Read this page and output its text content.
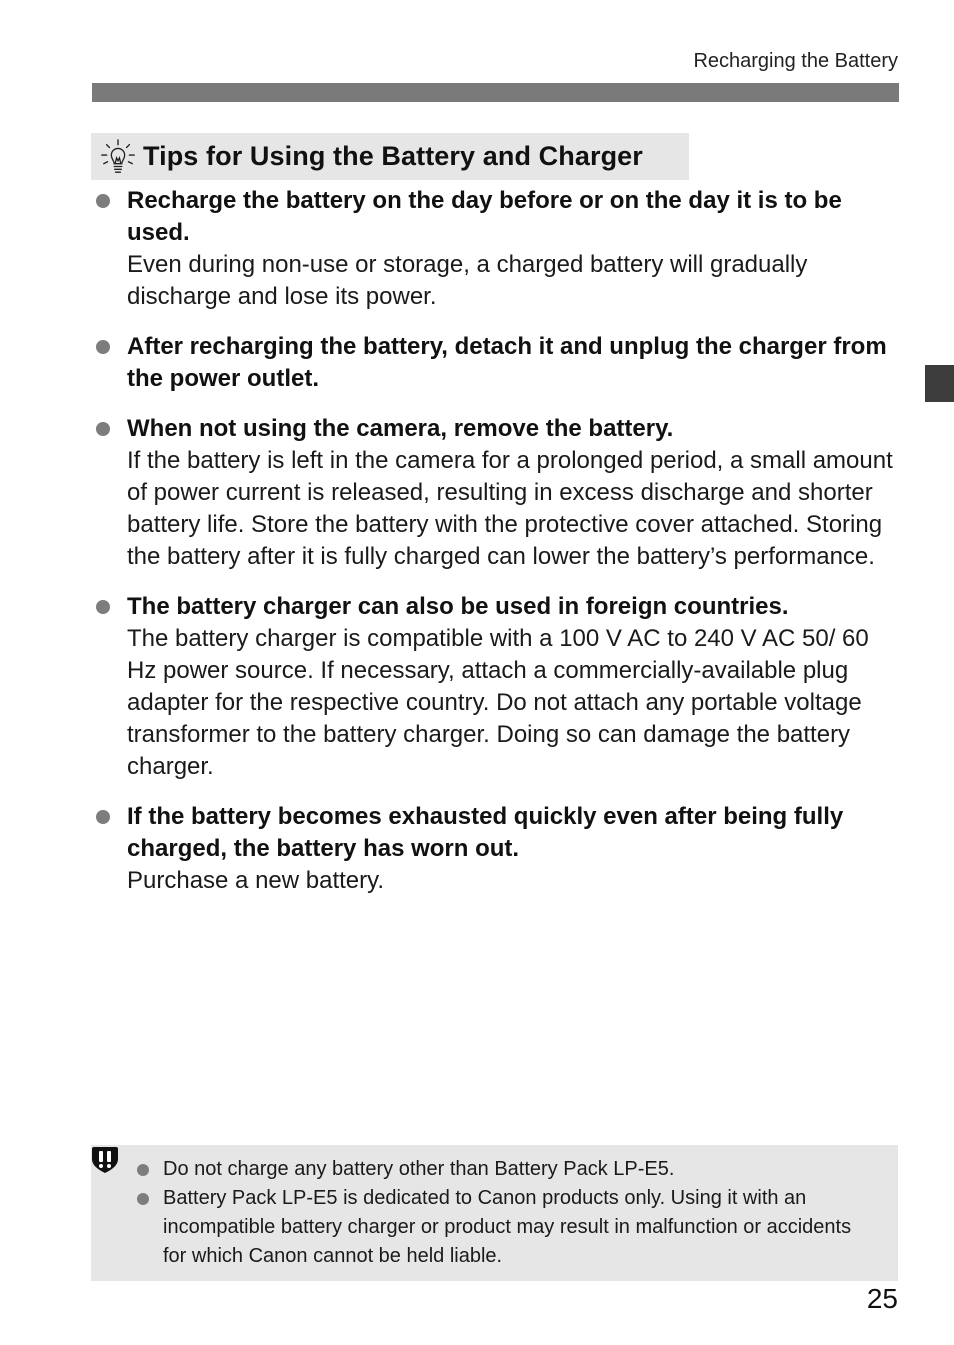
Recharging the Battery
Tips for Using the Battery and Charger
Recharge the battery on the day before or on the day it is to be used.
Even during non-use or storage, a charged battery will gradually discharge and lose its power.
After recharging the battery, detach it and unplug the charger from the power outlet.
When not using the camera, remove the battery.
If the battery is left in the camera for a prolonged period, a small amount of power current is released, resulting in excess discharge and shorter battery life. Store the battery with the protective cover attached. Storing the battery after it is fully charged can lower the battery’s performance.
The battery charger can also be used in foreign countries.
The battery charger is compatible with a 100 V AC to 240 V AC 50/ 60 Hz power source. If necessary, attach a commercially-available plug adapter for the respective country. Do not attach any portable voltage transformer to the battery charger. Doing so can damage the battery charger.
If the battery becomes exhausted quickly even after being fully charged, the battery has worn out.
Purchase a new battery.
Do not charge any battery other than Battery Pack LP-E5.
Battery Pack LP-E5 is dedicated to Canon products only. Using it with an incompatible battery charger or product may result in malfunction or accidents for which Canon cannot be held liable.
25
